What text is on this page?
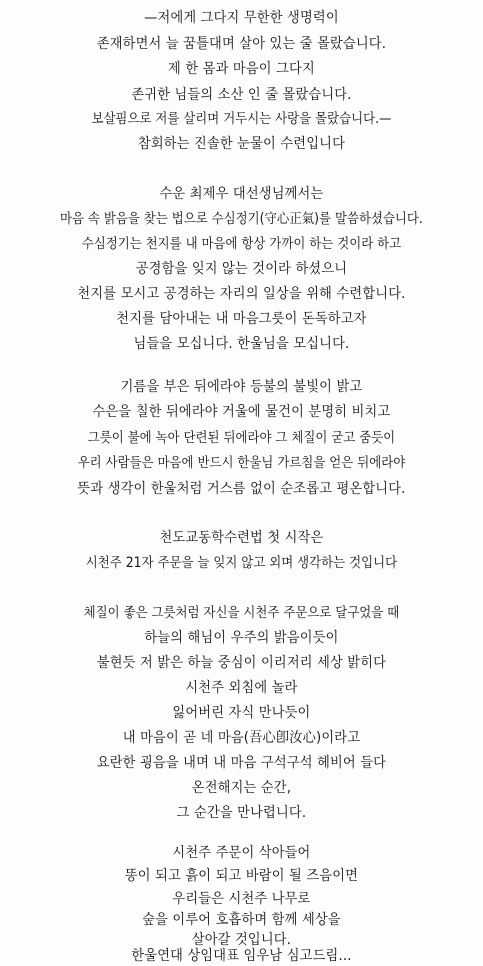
—저에게 그다지 무한한 생명력이
존재하면서 늘 꿈틀대며 살아 있는 줄 몰랐습니다.
제 한 몸과 마음이 그다지
존귀한 님들의 소산 인 줄 몰랐습니다.
보살핌으로 저를 살리며 거두시는 사랑을 몰랐습니다.—
참회하는 진솔한 눈물이 수련입니다
수운 최제우 대선생님께서는
마음 속 밝음을 찾는 법으로 수심정기(守心正氣)를 말씀하셨습니다.
수심정기는 천지를 내 마음에 항상 가까이 하는 것이라 하고
공경함을 잊지 않는 것이라 하셨으니
천지를 모시고 공경하는 자리의 일상을 위해 수련합니다.
천지를 담아내는 내 마음그릇이 돈독하고자
님들을 모십니다. 한울님을 모십니다.
기름을 부은 뒤에라야 등불의 불빛이 밝고
수은을 칠한 뒤에라야 거울에 물건이 분명히 비치고
그릇이 불에 녹아 단련된 뒤에라야 그 체질이 굳고 줌듯이
우리 사람들은 마음에 반드시 한울님 가르침을 얻은 뒤에라야
뜻과 생각이 한울처럼 거스름 없이 순조롭고 평온합니다.
천도교동학수련법 첫 시작은
시천주 21자 주문을 늘 잊지 않고 외며 생각하는 것입니다
체질이 좋은 그릇처럼 자신을 시천주 주문으로 달구었을 때
하늘의 해님이 우주의 밝음이듯이
불현듯 저 밝은 하늘 중심이 이리저리 세상 밝히다
시천주 외침에 놀라
잃어버린 자식 만나듯이
내 마음이 곧 네 마음(吾心卽汝心)이라고
요란한 굉음을 내며 내 마음 구석구석 헤비어 들다
온전해지는 순간,
그 순간을 만나렵니다.
시천주 주문이 삭아들어
똥이 되고 흙이 되고 바람이 될 즈음이면
우리들은 시천주 나무로
숲을 이루어 호흡하며 함께 세상을
살아갈 것입니다.
한울연대 상임대표 임우남 심고드림...
